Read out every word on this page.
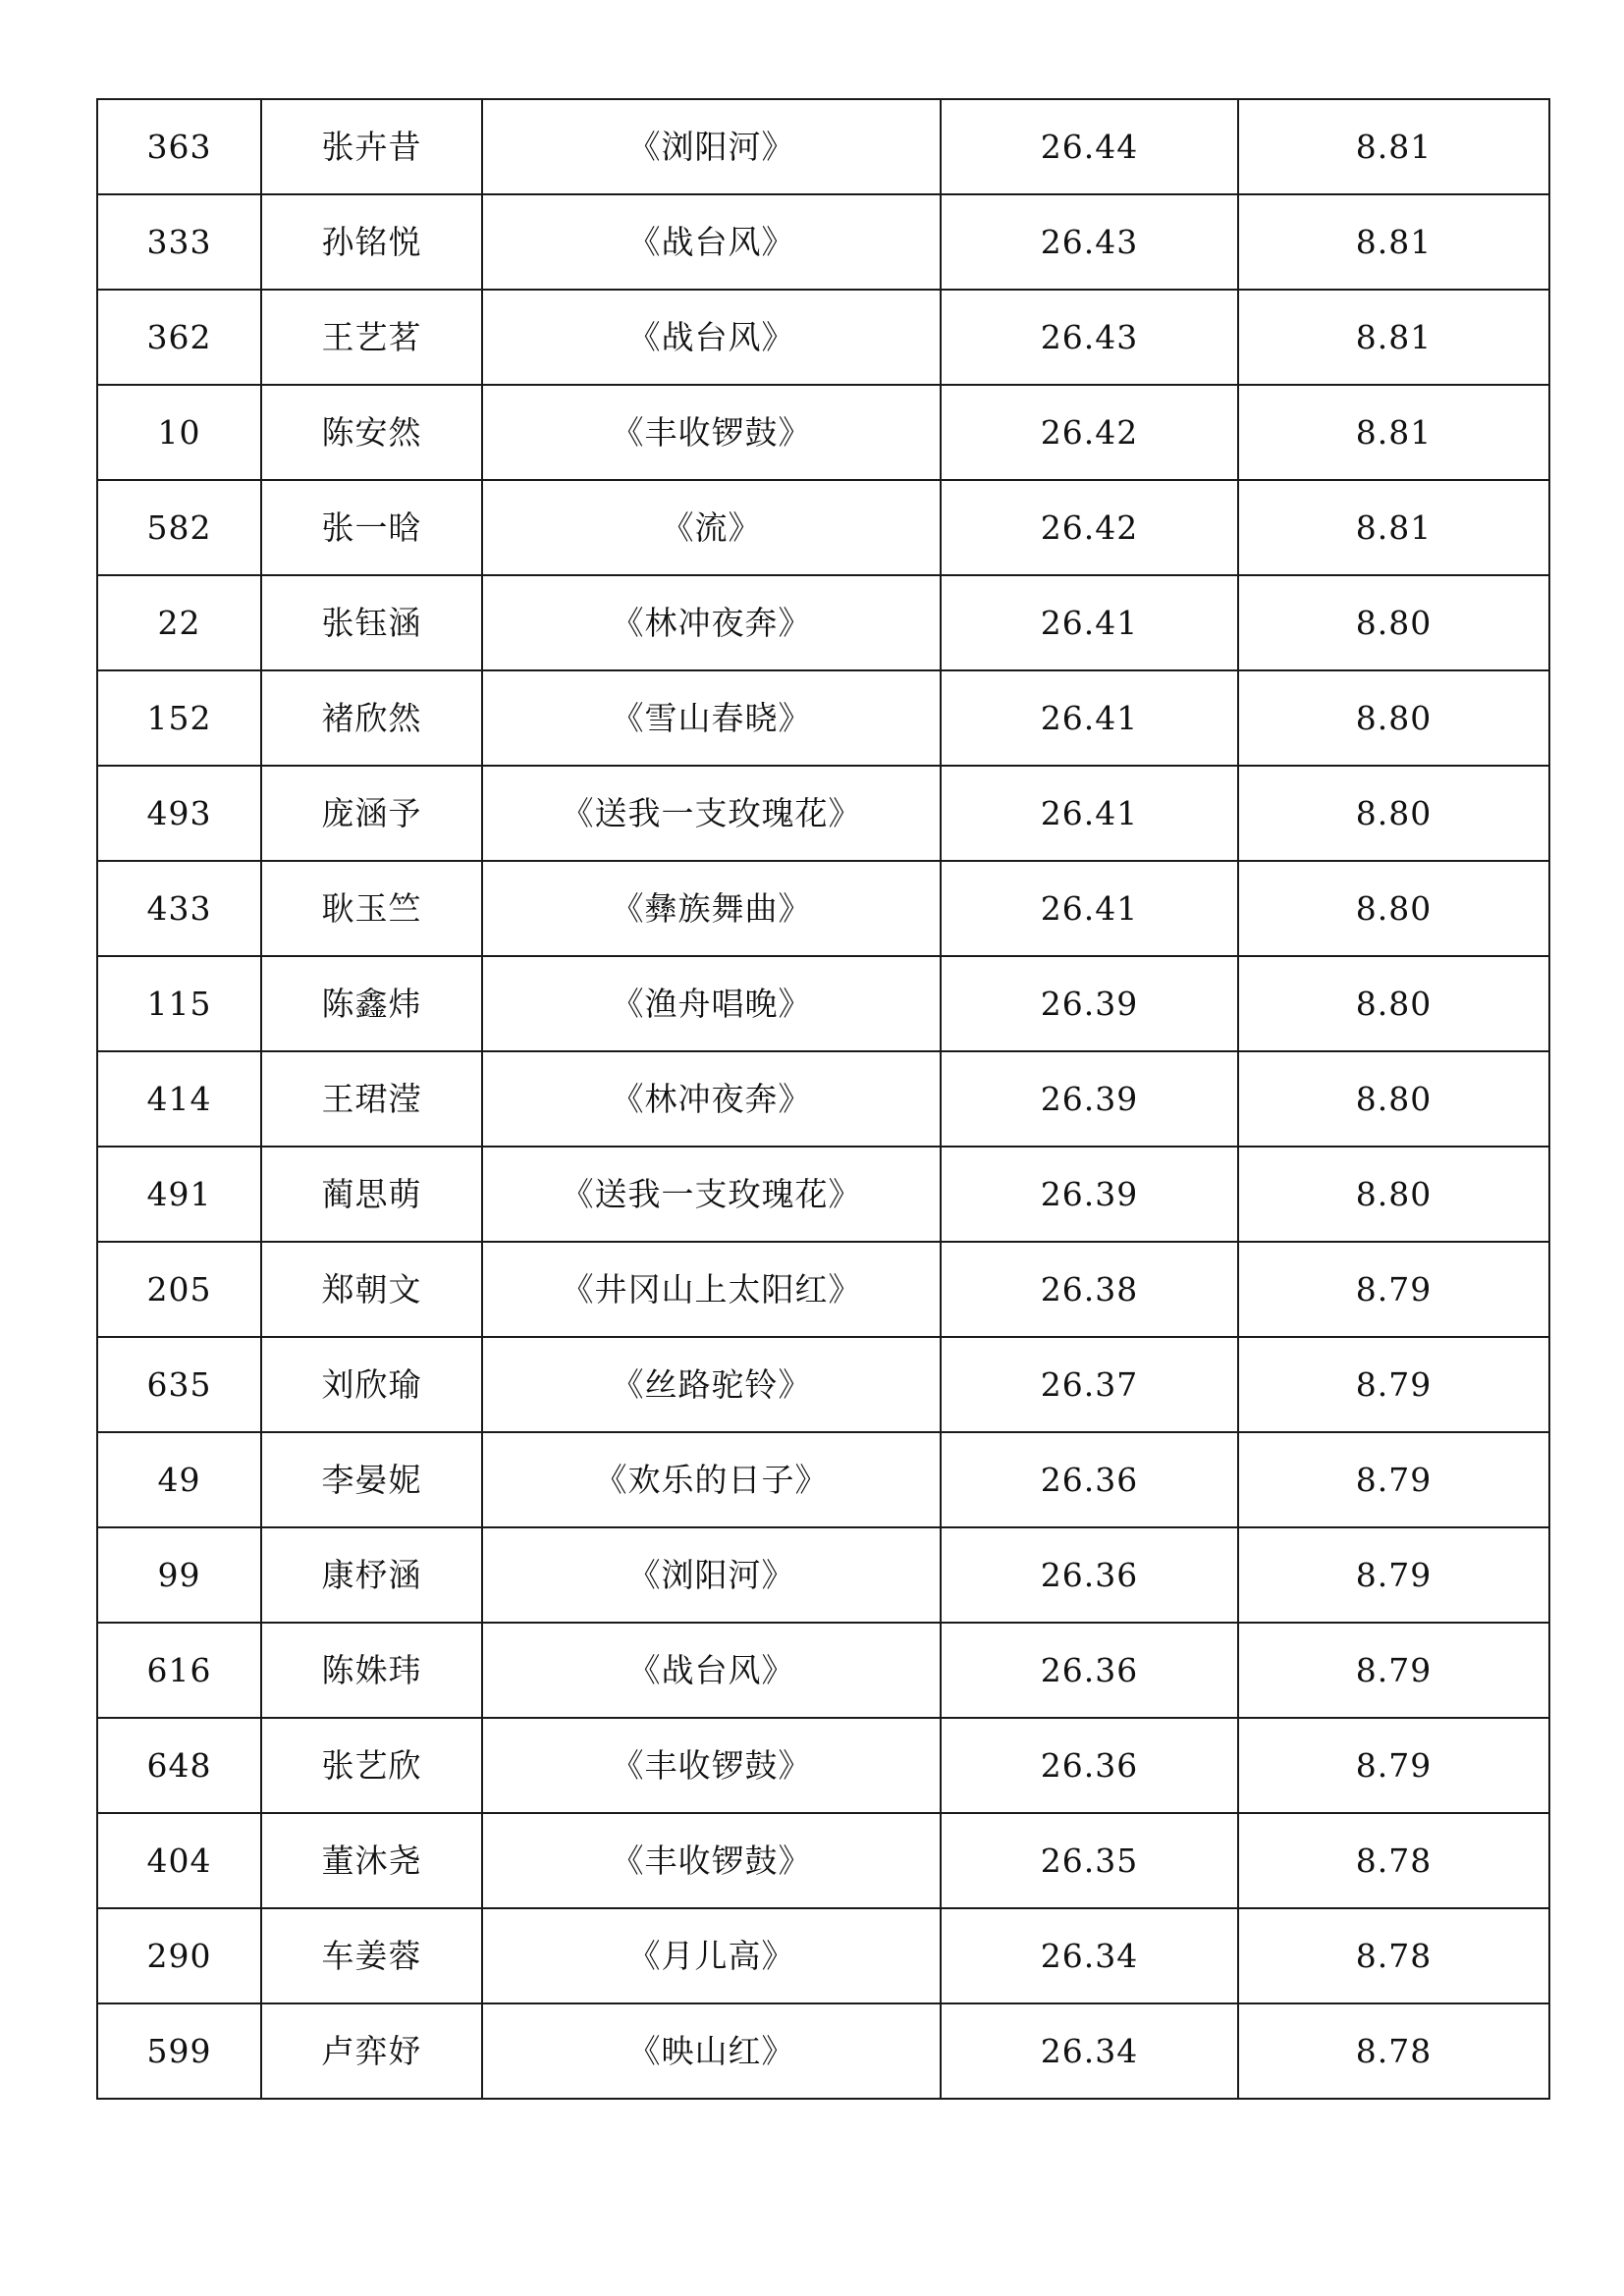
363	张卉昔	《浏阳河》	26.44	8.81
333	孙铭悦	《战台风》	26.43	8.81
362	王艺茗	《战台风》	26.43	8.81
10	陈安然	《丰收锣鼓》	26.42	8.81
582	张一晗	《流》	26.42	8.81
22	张钰涵	《林冲夜奔》	26.41	8.80
152	褚欣然	《雪山春晓》	26.41	8.80
493	庞涵予	《送我一支玫瑰花》	26.41	8.80
433	耿玉竺	《彝族舞曲》	26.41	8.80
115	陈鑫炜	《渔舟唱晚》	26.39	8.80
414	王珺滢	《林冲夜奔》	26.39	8.80
491	蔺思萌	《送我一支玫瑰花》	26.39	8.80
205	郑朝文	《井冈山上太阳红》	26.38	8.79
635	刘欣瑜	《丝路驼铃》	26.37	8.79
49	李晏妮	《欢乐的日子》	26.36	8.79
99	康杼涵	《浏阳河》	26.36	8.79
616	陈姝玮	《战台风》	26.36	8.79
648	张艺欣	《丰收锣鼓》	26.36	8.79
404	董沐尧	《丰收锣鼓》	26.35	8.78
290	车姜蓉	《月儿高》	26.34	8.78
599	卢弈妤	《映山红》	26.34	8.78
